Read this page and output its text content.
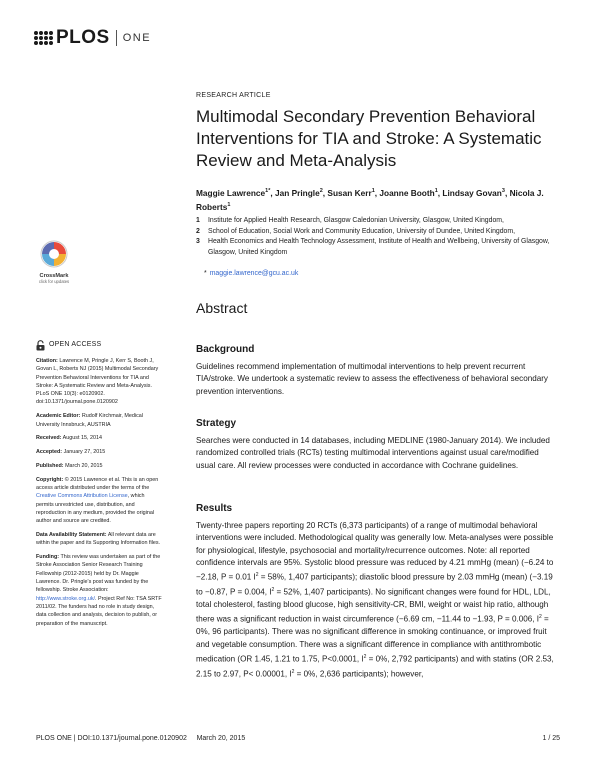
PLOS ONE
RESEARCH ARTICLE
Multimodal Secondary Prevention Behavioral Interventions for TIA and Stroke: A Systematic Review and Meta-Analysis

Maggie Lawrence$^{1*}$, Jan Pringle$^2$, Susan Kerr$^1$, Joanne Booth$^1$, Lindsay Govan$^3$, Nicola J. Roberts$^1$

1 Institute for Applied Health Research, Glasgow Caledonian University, Glasgow, United Kingdom,
2 School of Education, Social Work and Community Education, University of Dundee, United Kingdom,
3 Health Economics and Health Technology Assessment, Institute of Health and Wellbeing, University of Glasgow, Glasgow, United Kingdom
* maggie.lawrence@gcu.ac.uk
CrossMark
click for updates
OPEN ACCESS

Citation: Lawrence M, Pringle J, Kerr S, Booth J, Govan L, Roberts NJ (2015) Multimodal Secondary Prevention Behavioral Interventions for TIA and Stroke: A Systematic Review and Meta-Analysis. PLoS ONE 10(3): e0120902. doi:10.1371/journal.pone.0120902

Academic Editor: Rudolf Kirchmair, Medical University Innsbruck, AUSTRIA

Received: August 15, 2014

Accepted: January 27, 2015

Published: March 20, 2015

Copyright: © 2015 Lawrence et al. This is an open access article distributed under the terms of the Creative Commons Attribution License, which permits unrestricted use, distribution, and reproduction in any medium, provided the original author and source are credited.

Data Availability Statement: All relevant data are within the paper and its Supporting Information files.

Funding: This review was undertaken as part of the Stroke Association Senior Research Training Fellowship (2012-2015) held by Dr. Maggie Lawrence. Dr. Pringle's post was funded by the fellowship. Stroke Association: http://www.stroke.org.uk/. Project Ref No: TSA SRTF 2011/02. The funders had no role in study design, data collection and analysis, decision to publish, or preparation of the manuscript.

Abstract
Background

Guidelines recommend implementation of multimodal interventions to help prevent recurrent TIA/stroke. We undertook a systematic review to assess the effectiveness of behavioral secondary prevention interventions.

Strategy

Searches were conducted in 14 databases, including MEDLINE (1980-January 2014). We included randomized controlled trials (RCTs) testing multimodal interventions against usual care/modified usual care. All review processes were conducted in accordance with Cochrane guidelines.

Results

Twenty-three papers reporting 20 RCTs (6,373 participants) of a range of multimodal behavioral interventions were included. Methodological quality was generally low. Meta-analyses were possible for physiological, lifestyle, psychosocial and mortality/recurrence outcomes. Note: all reported confidence intervals are 95%. Systolic blood pressure was reduced by 4.21 mmHg (mean) (−6.24 to −2.18, P = 0.01 $I^2 = 58\%$, 1,407 participants); diastolic blood pressure by 2.03 mmHg (mean) (−3.19 to −0.87, P = 0.004, $I^2 = 52\%$, 1,407 participants). No significant changes were found for HDL, LDL, total cholesterol, fasting blood glucose, high sensitivity-CR, BMI, weight or waist hip ratio, although there was a significant reduction in waist circumference (−6.69 cm, −11.44 to −1.93, P = 0.006, $I^2 = 0\%$, 96 participants). There was no significant difference in smoking continuance, or improved fruit and vegetable consumption. There was a significant difference in compliance with antithrombotic medication (OR 1.45, 1.21 to 1.75, P<0.0001, $I^2 = 0\%$, 2,792 participants) and with statins (OR 2.53, 2.15 to 2.97, P< 0.00001, $I^2 = 0\%$, 2,636 participants); however,

PLOS ONE | DOI:10.1371/journal.pone.0120902     March 20, 2015	1 / 25
